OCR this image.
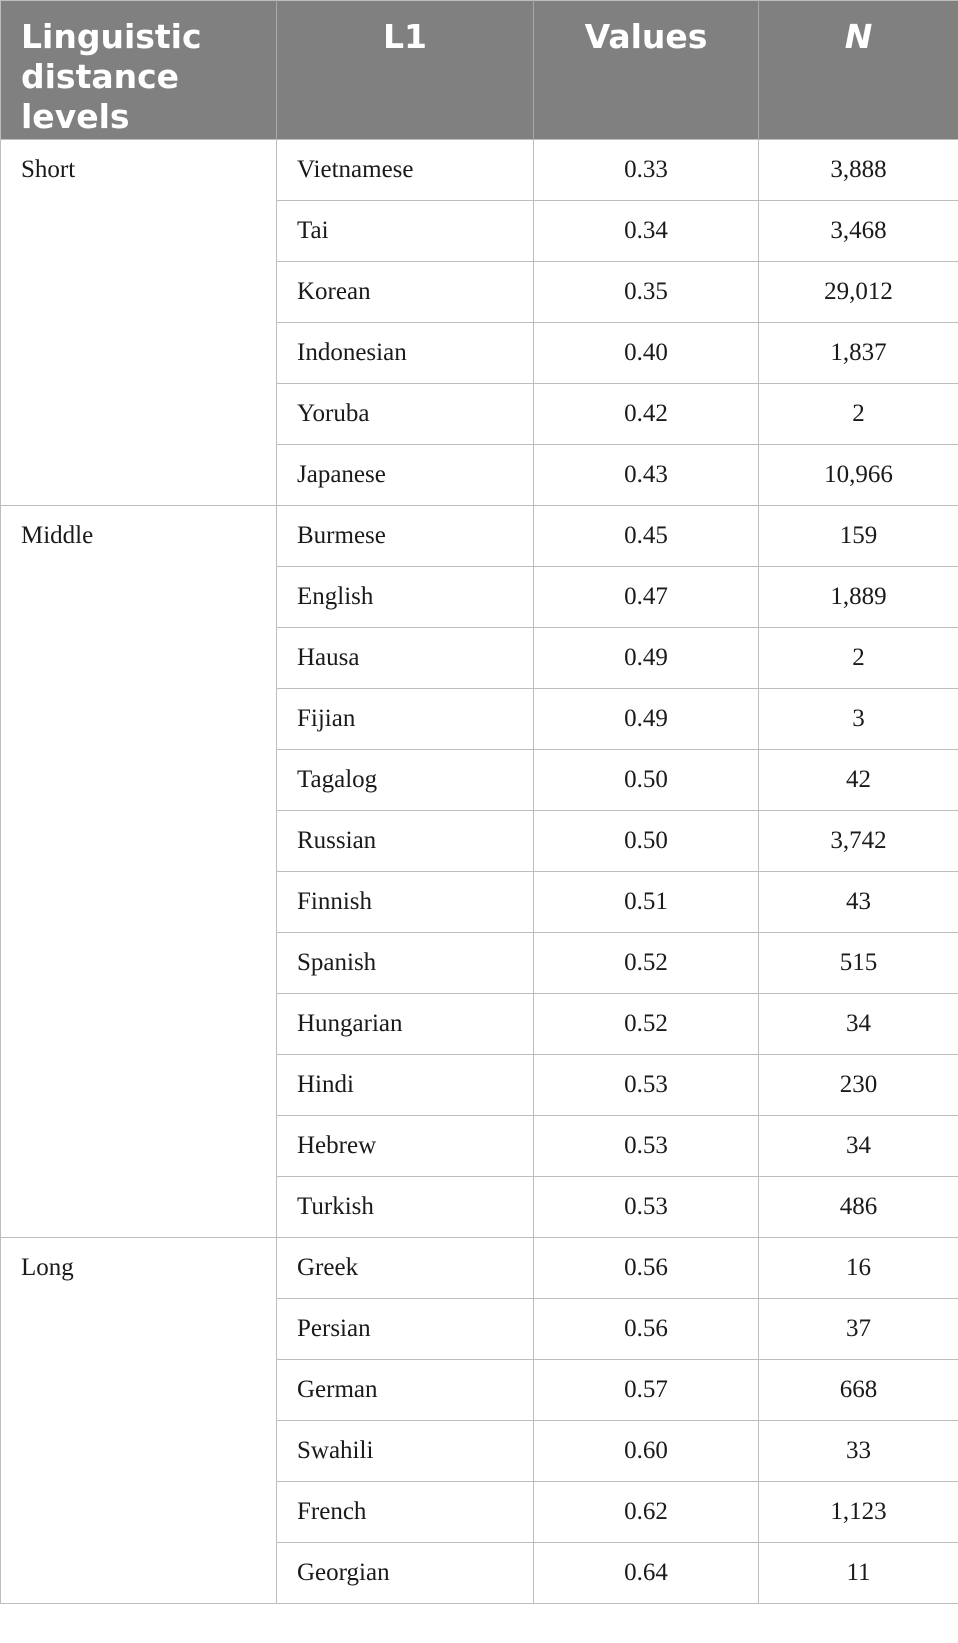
Linguistic distance levels	L1	Values	N
Short	Vietnamese	0.33	3,888
	Tai	0.34	3,468
	Korean	0.35	29,012
	Indonesian	0.40	1,837
	Yoruba	0.42	2
	Japanese	0.43	10,966
Middle	Burmese	0.45	159
	English	0.47	1,889
	Hausa	0.49	2
	Fijian	0.49	3
	Tagalog	0.50	42
	Russian	0.50	3,742
	Finnish	0.51	43
	Spanish	0.52	515
	Hungarian	0.52	34
	Hindi	0.53	230
	Hebrew	0.53	34
	Turkish	0.53	486
Long	Greek	0.56	16
	Persian	0.56	37
	German	0.57	668
	Swahili	0.60	33
	French	0.62	1,123
	Georgian	0.64	11
